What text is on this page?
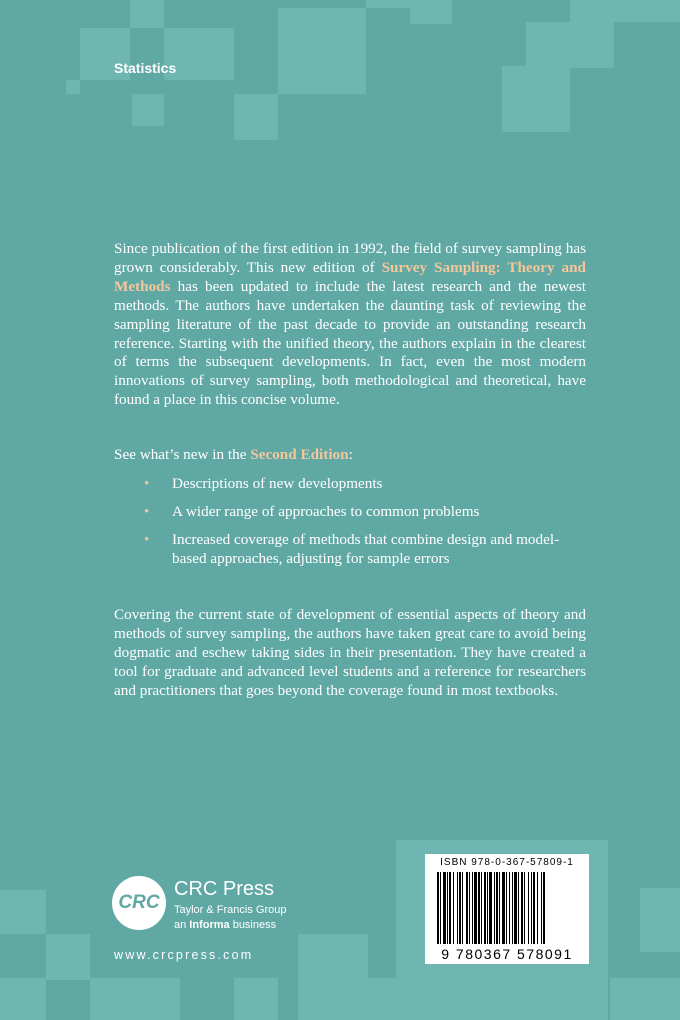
Statistics

Since publication of the first edition in 1992, the field of survey sampling has grown considerably. This new edition of Survey Sampling: Theory and Methods has been updated to include the latest research and the newest methods. The authors have undertaken the daunting task of reviewing the sampling literature of the past decade to provide an outstanding research reference. Starting with the unified theory, the authors explain in the clearest of terms the subsequent developments. In fact, even the most modern innovations of survey sampling, both methodological and theoretical, have found a place in this concise volume.

See what’s new in the Second Edition:

• Descriptions of new developments
• A wider range of approaches to common problems
• Increased coverage of methods that combine design and model-based approaches, adjusting for sample errors

Covering the current state of development of essential aspects of theory and methods of survey sampling, the authors have taken great care to avoid being dogmatic and eschew taking sides in their presentation. They have created a tool for graduate and advanced level students and a reference for researchers and practitioners that goes beyond the coverage found in most textbooks.

CRC
CRC Press
Taylor & Francis Group
an Informa business
www.crcpress.com
ISBN 978-0-367-57809-1
9 780367 578091
